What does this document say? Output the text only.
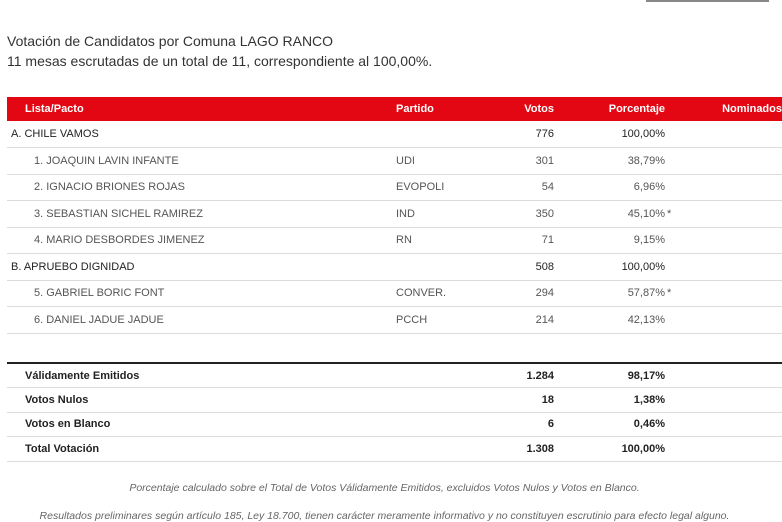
Votación de Candidatos por Comuna LAGO RANCO
11 mesas escrutadas de un total de 11, correspondiente al 100,00%.
Lista/Pacto	Partido	Votos	Porcentaje	Nominados
A. CHILE VAMOS		776	100,00%	
1. JOAQUIN LAVIN INFANTE	UDI	301	38,79%	
2. IGNACIO BRIONES ROJAS	EVOPOLI	54	6,96%	
3. SEBASTIAN SICHEL RAMIREZ	IND	350	45,10%	*
4. MARIO DESBORDES JIMENEZ	RN	71	9,15%	
B. APRUEBO DIGNIDAD		508	100,00%	
5. GABRIEL BORIC FONT	CONVER.	294	57,87%	*
6. DANIEL JADUE JADUE	PCCH	214	42,13%	
Válidamente Emitidos	1.284	98,17%	
Votos Nulos	18	1,38%	
Votos en Blanco	6	0,46%	
Total Votación	1.308	100,00%	
Porcentaje calculado sobre el Total de Votos Válidamente Emitidos, excluidos Votos Nulos y Votos en Blanco.
Resultados preliminares según artículo 185, Ley 18.700, tienen carácter meramente informativo y no constituyen escrutinio para efecto legal alguno.
